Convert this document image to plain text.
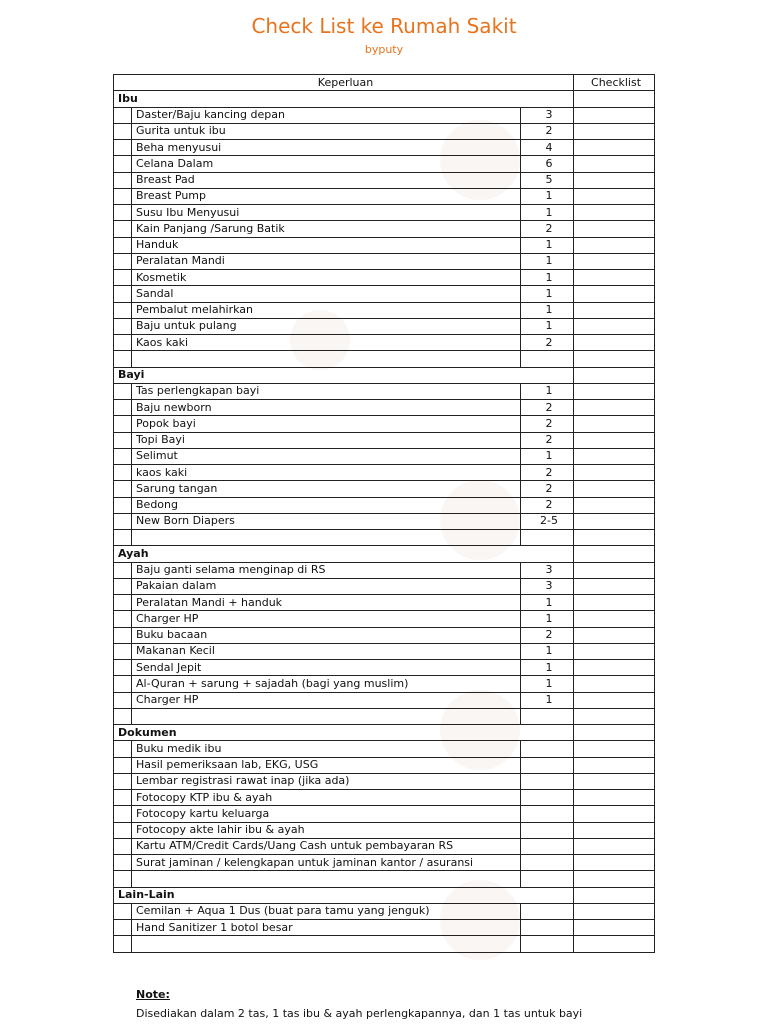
Check List ke Rumah Sakit
byputy
Keperluan			Checklist
Ibu			
	Daster/Baju kancing depan	3	
	Gurita untuk ibu	2	
	Beha menyusui	4	
	Celana Dalam	6	
	Breast Pad	5	
	Breast Pump	1	
	Susu Ibu Menyusui	1	
	Kain Panjang /Sarung Batik	2	
	Handuk	1	
	Peralatan Mandi	1	
	Kosmetik	1	
	Sandal	1	
	Pembalut melahirkan	1	
	Baju untuk pulang	1	
	Kaos kaki	2	

Bayi			
	Tas perlengkapan bayi	1	
	Baju newborn	2	
	Popok bayi	2	
	Topi Bayi	2	
	Selimut	1	
	kaos kaki	2	
	Sarung tangan	2	
	Bedong	2	
	New Born Diapers	2-5	

Ayah			
	Baju ganti selama menginap di RS	3	
	Pakaian dalam	3	
	Peralatan Mandi + handuk	1	
	Charger HP	1	
	Buku bacaan	2	
	Makanan Kecil	1	
	Sendal Jepit	1	
	Al-Quran + sarung + sajadah (bagi yang muslim)	1	
	Charger HP	1	

Dokumen			
	Buku medik ibu		
	Hasil pemeriksaan lab, EKG, USG		
	Lembar registrasi rawat inap (jika ada)		
	Fotocopy KTP ibu & ayah		
	Fotocopy kartu keluarga		
	Fotocopy akte lahir ibu & ayah		
	Kartu ATM/Credit Cards/Uang Cash untuk pembayaran RS		
	Surat jaminan / kelengkapan untuk jaminan kantor / asuransi		

Lain-Lain			
	Cemilan + Aqua 1 Dus (buat para tamu yang jenguk)		
	Hand Sanitizer 1 botol besar		

Note:
Disediakan dalam 2 tas, 1 tas ibu & ayah perlengkapannya, dan 1 tas untuk bayi
